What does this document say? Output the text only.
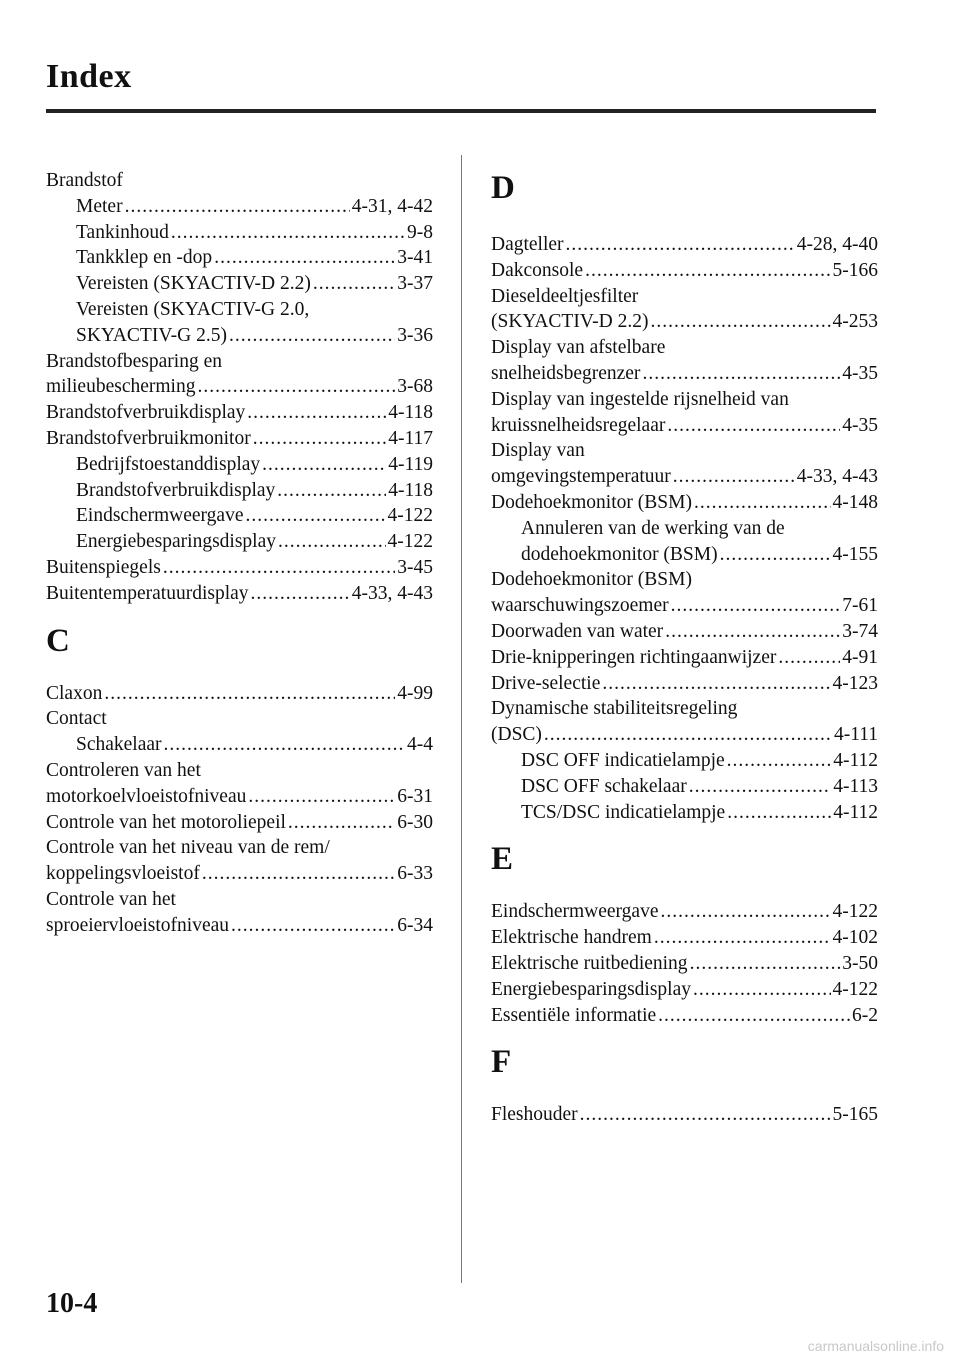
Index
Brandstof
Meter .....	4-31, 4-42
Tankinhoud .....	9-8
Tankklep en -dop .....	3-41
Vereisten (SKYACTIV-D 2.2) .....	3-37
Vereisten (SKYACTIV-G 2.0,
SKYACTIV-G 2.5) .....	3-36
Brandstofbesparing en
milieubescherming .....	3-68
Brandstofverbruikdisplay .....	4-118
Brandstofverbruikmonitor .....	4-117
Bedrijfstoestanddisplay .....	4-119
Brandstofverbruikdisplay .....	4-118
Eindschermweergave .....	4-122
Energiebesparingsdisplay .....	4-122
Buitenspiegels .....	3-45
Buitentemperatuurdisplay .....	4-33, 4-43
C
Claxon .....	4-99
Contact
Schakelaar .....	4-4
Controleren van het
motorkoelvloeistofniveau .....	6-31
Controle van het motoroliepeil .....	6-30
Controle van het niveau van de rem/
koppelingsvloeistof .....	6-33
Controle van het
sproeiervloeistofniveau .....	6-34
D
Dagteller .....	4-28, 4-40
Dakconsole .....	5-166
Dieseldeeltjesfilter
(SKYACTIV-D 2.2) .....	4-253
Display van afstelbare
snelheidsbegrenzer .....	4-35
Display van ingestelde rijsnelheid van
kruissnelheidsregelaar .....	4-35
Display van
omgevingstemperatuur .....	4-33, 4-43
Dodehoekmonitor (BSM) .....	4-148
Annuleren van de werking van de
dodehoekmonitor (BSM) .....	4-155
Dodehoekmonitor (BSM)
waarschuwingszoemer .....	7-61
Doorwaden van water .....	3-74
Drie-knipperingen richtingaanwijzer .....	4-91
Drive-selectie .....	4-123
Dynamische stabiliteitsregeling
(DSC) .....	4-111
DSC OFF indicatielampje .....	4-112
DSC OFF schakelaar .....	4-113
TCS/DSC indicatielampje .....	4-112
E
Eindschermweergave .....	4-122
Elektrische handrem .....	4-102
Elektrische ruitbediening .....	3-50
Energiebesparingsdisplay .....	4-122
Essentiële informatie .....	6-2
F
Fleshouder .....	5-165
10-4
carmanualsonline.info
